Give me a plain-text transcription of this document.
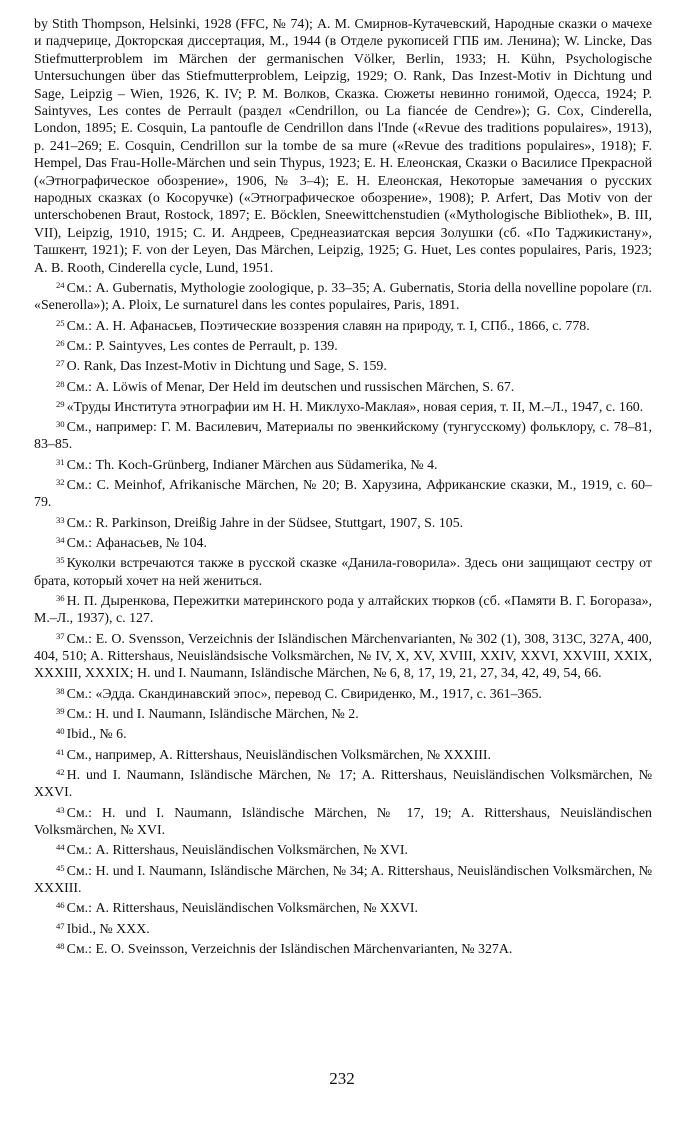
by Stith Thompson, Helsinki, 1928 (FFC, № 74); А. М. Смирнов-Кутачевский, Народные сказки о мачехе и падчерице, Докторская диссертация, М., 1944 (в Отделе рукописей ГПБ им. Ленина); W. Lincke, Das Stiefmutterproblem im Märchen der germanischen Völker, Berlin, 1933; H. Kühn, Psychologische Untersuchungen über das Stiefmutterproblem, Leipzig, 1929; O. Rank, Das Inzest-Motiv in Dichtung und Sage, Leipzig – Wien, 1926, K. IV; Р. М. Волков, Сказка. Сюжеты невинно гонимой, Одесса, 1924; P. Saintyves, Les contes de Perrault (раздел «Cendrillon, ou La fiancée de Cendre»); G. Cox, Cinderella, London, 1895; E. Cosquin, La pantoufle de Cendrillon dans l'Inde («Revue des traditions populaires», 1913), p. 241–269; E. Cosquin, Cendrillon sur la tombe de sa mure («Revue des traditions populaires», 1918); F. Hempel, Das Frau-Holle-Märchen und sein Thypus, 1923; Е. Н. Елеонская, Сказки о Василисе Прекрасной («Этнографическое обозрение», 1906, № 3–4); Е. Н. Елеонская, Некоторые замечания о русских народных сказках (о Косоручке) («Этнографическое обозрение», 1908); P. Arfert, Das Motiv von der unterschobenen Braut, Rostock, 1897; E. Böcklen, Sneewittchenstudien («Mythologische Bibliothek», B. III, VII), Leipzig, 1910, 1915; С. И. Андреев, Среднеазиатская версия Золушки (сб. «По Таджикистану», Ташкент, 1921); F. von der Leyen, Das Märchen, Leipzig, 1925; G. Huet, Les contes populaires, Paris, 1923; A. B. Rooth, Cinderella cycle, Lund, 1951.

$^{24}$ См.: A. Gubernatis, Mythologie zoologique, p. 33–35; A. Gubernatis, Storia della novelline popolare (гл. «Senerolla»); A. Ploix, Le surnaturel dans les contes populaires, Paris, 1891.

$^{25}$ См.: А. Н. Афанасьев, Поэтические воззрения славян на природу, т. I, СПб., 1866, с. 778.

$^{26}$ См.: P. Saintyves, Les contes de Perrault, p. 139.

$^{27}$ O. Rank, Das Inzest-Motiv in Dichtung und Sage, S. 159.

$^{28}$ См.: A. Löwis of Menar, Der Held im deutschen und russischen Märchen, S. 67.

$^{29}$ «Труды Института этнографии им Н. Н. Миклухо-Маклая», новая серия, т. II, М.–Л., 1947, с. 160.

$^{30}$ См., например: Г. М. Василевич, Материалы по эвенкийскому (тунгусскому) фольклору, с. 78–81, 83–85.

$^{31}$ См.: Th. Koch-Grünberg, Indianer Märchen aus Südamerika, № 4.

$^{32}$ См.: C. Meinhof, Afrikanische Märchen, № 20; В. Харузина, Африканские сказки, М., 1919, с. 60–79.

$^{33}$ См.: R. Parkinson, Dreißig Jahre in der Südsee, Stuttgart, 1907, S. 105.

$^{34}$ См.: Афанасьев, № 104.

$^{35}$ Куколки встречаются также в русской сказке «Данила-говорила». Здесь они защищают сестру от брата, который хочет на ней жениться.

$^{36}$ Н. П. Дыренкова, Пережитки материнского рода у алтайских тюрков (сб. «Памяти В. Г. Богораза», М.–Л., 1937), с. 127.

$^{37}$ См.: E. O. Svensson, Verzeichnis der Isländischen Märchenvarianten, № 302 (1), 308, 313C, 327A, 400, 404, 510; A. Rittershaus, Neuisländsische Volksmärchen, № IV, X, XV, XVIII, XXIV, XXVI, XXVIII, XXIX, XXXIII, XXXIX; H. und I. Naumann, Isländische Märchen, № 6, 8, 17, 19, 21, 27, 34, 42, 49, 54, 66.

$^{38}$ См.: «Эдда. Скандинавский эпос», перевод С. Свириденко, М., 1917, с. 361–365.

$^{39}$ См.: H. und I. Naumann, Isländische Märchen, № 2.

$^{40}$ Ibid., № 6.

$^{41}$ См., например, A. Rittershaus, Neuisländischen Volksmärchen, № XXXIII.

$^{42}$ H. und I. Naumann, Isländische Märchen, № 17; A. Rittershaus, Neuisländischen Volksmärchen, № XXVI.

$^{43}$ См.: H. und I. Naumann, Isländische Märchen, № 17, 19; A. Rittershaus, Neuisländischen Volksmärchen, № XVI.

$^{44}$ См.: A. Rittershaus, Neuisländischen Volksmärchen, № XVI.

$^{45}$ См.: H. und I. Naumann, Isländische Märchen, № 34; A. Rittershaus, Neuisländischen Volksmärchen, № XXXIII.

$^{46}$ См.: A. Rittershaus, Neuisländischen Volksmärchen, № XXVI.

$^{47}$ Ibid., № XXX.

$^{48}$ См.: E. O. Sveinsson, Verzeichnis der Isländischen Märchenvarianten, № 327A.

232
